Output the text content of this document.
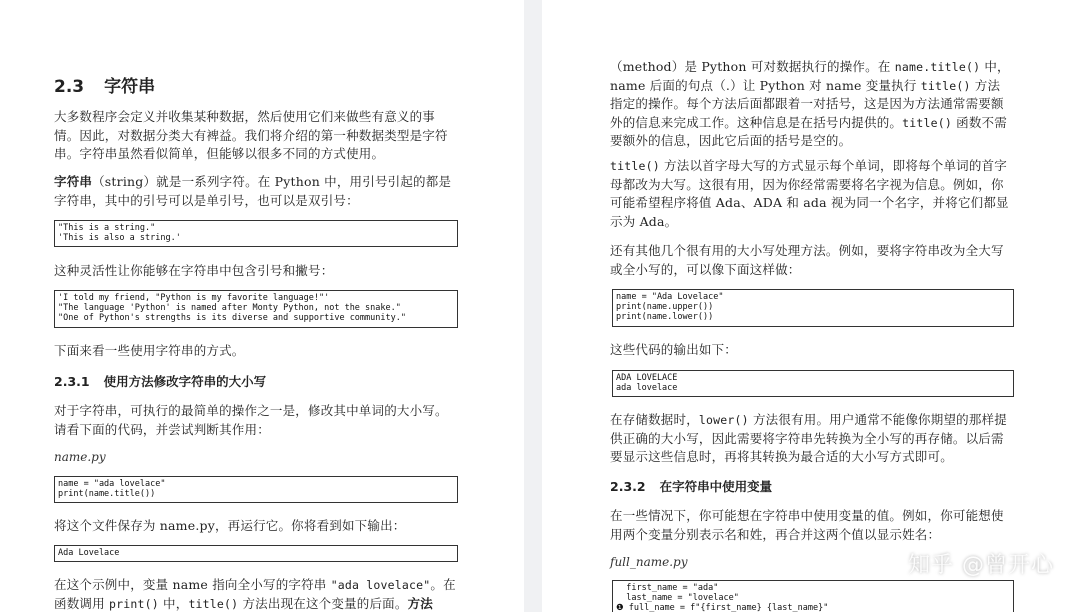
2.3 字符串

大多数程序会定义并收集某种数据，然后使用它们来做些有意义的事情。因此，对数据分类大有裨益。我们将介绍的第一种数据类型是字符串。字符串虽然看似简单，但能够以很多不同的方式使用。

字符串（string）就是一系列字符。在 Python 中，用引号引起的都是字符串，其中的引号可以是单引号，也可以是双引号：

"This is a string."
'This is also a string.'

这种灵活性让你能够在字符串中包含引号和撇号：

'I told my friend, "Python is my favorite language!"'
"The language 'Python' is named after Monty Python, not the snake."
"One of Python's strengths is its diverse and supportive community."

下面来看一些使用字符串的方式。

2.3.1 使用方法修改字符串的大小写

对于字符串，可执行的最简单的操作之一是，修改其中单词的大小写。请看下面的代码，并尝试判断其作用：

name.py
name = "ada lovelace"
print(name.title())

将这个文件保存为 name.py，再运行它。你将看到如下输出：

Ada Lovelace

在这个示例中，变量 name 指向全小写的字符串 "ada lovelace"。在函数调用 print() 中，title() 方法出现在这个变量的后面。方法

（method）是 Python 可对数据执行的操作。在 name.title() 中，name 后面的句点（.）让 Python 对 name 变量执行 title() 方法指定的操作。每个方法后面都跟着一对括号，这是因为方法通常需要额外的信息来完成工作。这种信息是在括号内提供的。title() 函数不需要额外的信息，因此它后面的括号是空的。

title() 方法以首字母大写的方式显示每个单词，即将每个单词的首字母都改为大写。这很有用，因为你经常需要将名字视为信息。例如，你可能希望程序将值 Ada、ADA 和 ada 视为同一个名字，并将它们都显示为 Ada。

还有其他几个很有用的大小写处理方法。例如，要将字符串改为全大写或全小写的，可以像下面这样做：

name = "Ada Lovelace"
print(name.upper())
print(name.lower())

这些代码的输出如下：

ADA LOVELACE
ada lovelace

在存储数据时，lower() 方法很有用。用户通常不能像你期望的那样提供正确的大小写，因此需要将字符串先转换为全小写的再存储。以后需要显示这些信息时，再将其转换为最合适的大小写方式即可。

2.3.2 在字符串中使用变量

在一些情况下，你可能想在字符串中使用变量的值。例如，你可能想使用两个变量分别表示名和姓，再合并这两个值以显示姓名：

full_name.py
first_name = "ada"
last_name = "lovelace"
❶ full_name = f"{first_name} {last_name}"
知乎 @曾开心
